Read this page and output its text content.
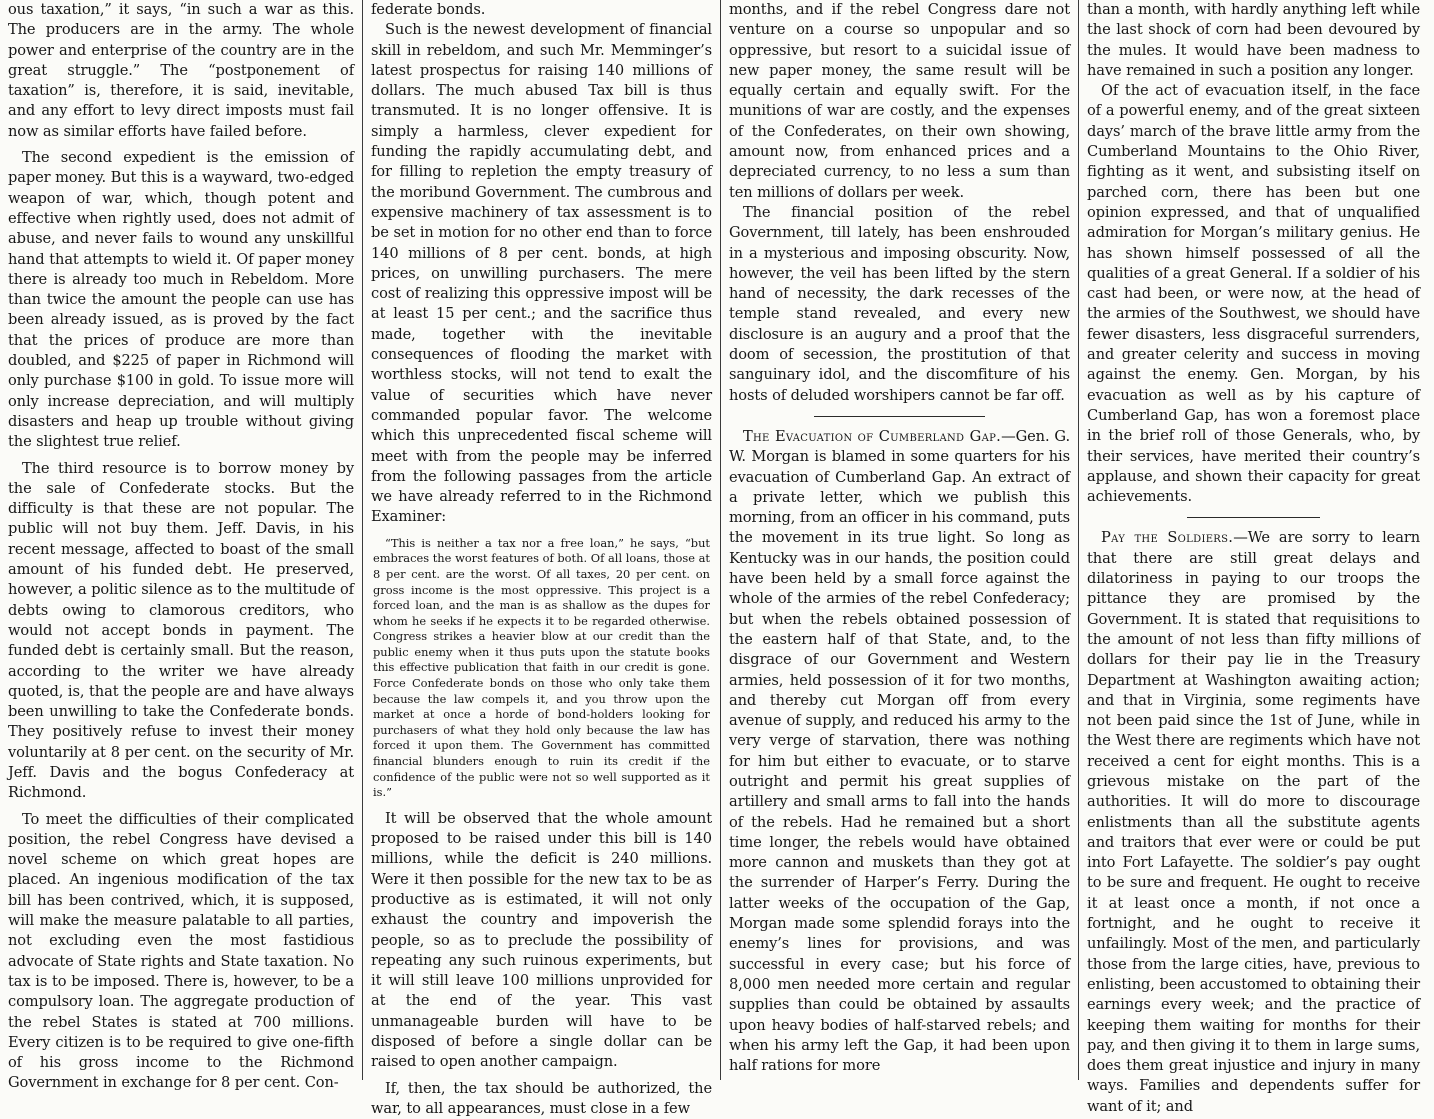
ous taxation,” it says, “in such a war as this. The producers are in the army. The whole power and enterprise of the country are in the great struggle.” The “postponement of taxation” is, therefore, it is said, inevitable, and any effort to levy direct imposts must fail now as similar efforts have failed before.

The second expedient is the emission of paper money. But this is a wayward, two-edged weapon of war, which, though potent and effective when rightly used, does not admit of abuse, and never fails to wound any unskillful hand that attempts to wield it. Of paper money there is already too much in Rebeldom. More than twice the amount the people can use has been already issued, as is proved by the fact that the prices of produce are more than doubled, and $225 of paper in Richmond will only purchase $100 in gold. To issue more will only increase depreciation, and will multiply disasters and heap up trouble without giving the slightest true relief.

The third resource is to borrow money by the sale of Confederate stocks. But the difficulty is that these are not popular. The public will not buy them. Jeff. Davis, in his recent message, affected to boast of the small amount of his funded debt. He preserved, however, a politic silence as to the multitude of debts owing to clamorous creditors, who would not accept bonds in payment. The funded debt is certainly small. But the reason, according to the writer we have already quoted, is, that the people are and have always been unwilling to take the Confederate bonds. They positively refuse to invest their money voluntarily at 8 per cent. on the security of Mr. Jeff. Davis and the bogus Confederacy at Richmond.

To meet the difficulties of their complicated position, the rebel Congress have devised a novel scheme on which great hopes are placed. An ingenious modification of the tax bill has been contrived, which, it is supposed, will make the measure palatable to all parties, not excluding even the most fastidious advocate of State rights and State taxation. No tax is to be imposed. There is, however, to be a compulsory loan. The aggregate production of the rebel States is stated at 700 millions. Every citizen is to be required to give one-fifth of his gross income to the Richmond Government in exchange for 8 per cent. Con-

federate bonds.

Such is the newest development of financial skill in rebeldom, and such Mr. Memminger’s latest prospectus for raising 140 millions of dollars. The much abused Tax bill is thus transmuted. It is no longer offensive. It is simply a harmless, clever expedient for funding the rapidly accumulating debt, and for filling to repletion the empty treasury of the moribund Government. The cumbrous and expensive machinery of tax assessment is to be set in motion for no other end than to force 140 millions of 8 per cent. bonds, at high prices, on unwilling purchasers. The mere cost of realizing this oppressive impost will be at least 15 per cent.; and the sacrifice thus made, together with the inevitable consequences of flooding the market with worthless stocks, will not tend to exalt the value of securities which have never commanded popular favor. The welcome which this unprecedented fiscal scheme will meet with from the people may be inferred from the following passages from the article we have already referred to in the Richmond Examiner:

“This is neither a tax nor a free loan,” he says, “but embraces the worst features of both. Of all loans, those at 8 per cent. are the worst. Of all taxes, 20 per cent. on gross income is the most oppressive. This project is a forced loan, and the man is as shallow as the dupes for whom he seeks if he expects it to be regarded otherwise. Congress strikes a heavier blow at our credit than the public enemy when it thus puts upon the statute books this effective publication that faith in our credit is gone. Force Confederate bonds on those who only take them because the law compels it, and you throw upon the market at once a horde of bond-holders looking for purchasers of what they hold only because the law has forced it upon them. The Government has committed financial blunders enough to ruin its credit if the confidence of the public were not so well supported as it is.”

It will be observed that the whole amount proposed to be raised under this bill is 140 millions, while the deficit is 240 millions. Were it then possible for the new tax to be as productive as is estimated, it will not only exhaust the country and impoverish the people, so as to preclude the possibility of repeating any such ruinous experiments, but it will still leave 100 millions unprovided for at the end of the year. This vast unmanageable burden will have to be disposed of before a single dollar can be raised to open another campaign.

If, then, the tax should be authorized, the war, to all appearances, must close in a few

months, and if the rebel Congress dare not venture on a course so unpopular and so oppressive, but resort to a suicidal issue of new paper money, the same result will be equally certain and equally swift. For the munitions of war are costly, and the expenses of the Confederates, on their own showing, amount now, from enhanced prices and a depreciated currency, to no less a sum than ten millions of dollars per week.

The financial position of the rebel Government, till lately, has been enshrouded in a mysterious and imposing obscurity. Now, however, the veil has been lifted by the stern hand of necessity, the dark recesses of the temple stand revealed, and every new disclosure is an augury and a proof that the doom of secession, the prostitution of that sanguinary idol, and the discomfiture of his hosts of deluded worshipers cannot be far off.

The Evacuation of Cumberland Gap.—Gen. G. W. Morgan is blamed in some quarters for his evacuation of Cumberland Gap. An extract of a private letter, which we publish this morning, from an officer in his command, puts the movement in its true light. So long as Kentucky was in our hands, the position could have been held by a small force against the whole of the armies of the rebel Confederacy; but when the rebels obtained possession of the eastern half of that State, and, to the disgrace of our Government and Western armies, held possession of it for two months, and thereby cut Morgan off from every avenue of supply, and reduced his army to the very verge of starvation, there was nothing for him but either to evacuate, or to starve outright and permit his great supplies of artillery and small arms to fall into the hands of the rebels. Had he remained but a short time longer, the rebels would have obtained more cannon and muskets than they got at the surrender of Harper’s Ferry. During the latter weeks of the occupation of the Gap, Morgan made some splendid forays into the enemy’s lines for provisions, and was successful in every case; but his force of 8,000 men needed more certain and regular supplies than could be obtained by assaults upon heavy bodies of half-starved rebels; and when his army left the Gap, it had been upon half rations for more

than a month, with hardly anything left while the last shock of corn had been devoured by the mules. It would have been madness to have remained in such a position any longer.

Of the act of evacuation itself, in the face of a powerful enemy, and of the great sixteen days’ march of the brave little army from the Cumberland Mountains to the Ohio River, fighting as it went, and subsisting itself on parched corn, there has been but one opinion expressed, and that of unqualified admiration for Morgan’s military genius. He has shown himself possessed of all the qualities of a great General. If a soldier of his cast had been, or were now, at the head of the armies of the Southwest, we should have fewer disasters, less disgraceful surrenders, and greater celerity and success in moving against the enemy. Gen. Morgan, by his evacuation as well as by his capture of Cumberland Gap, has won a foremost place in the brief roll of those Generals, who, by their services, have merited their country’s applause, and shown their capacity for great achievements.

Pay the Soldiers.—We are sorry to learn that there are still great delays and dilatoriness in paying to our troops the pittance they are promised by the Government. It is stated that requisitions to the amount of not less than fifty millions of dollars for their pay lie in the Treasury Department at Washington awaiting action; and that in Virginia, some regiments have not been paid since the 1st of June, while in the West there are regiments which have not received a cent for eight months. This is a grievous mistake on the part of the authorities. It will do more to discourage enlistments than all the substitute agents and traitors that ever were or could be put into Fort Lafayette. The soldier’s pay ought to be sure and frequent. He ought to receive it at least once a month, if not once a fortnight, and he ought to receive it unfailingly. Most of the men, and particularly those from the large cities, have, previous to enlisting, been accustomed to obtaining their earnings every week; and the practice of keeping them waiting for months for their pay, and then giving it to them in large sums, does them great injustice and injury in many ways. Families and dependents suffer for want of it; and
